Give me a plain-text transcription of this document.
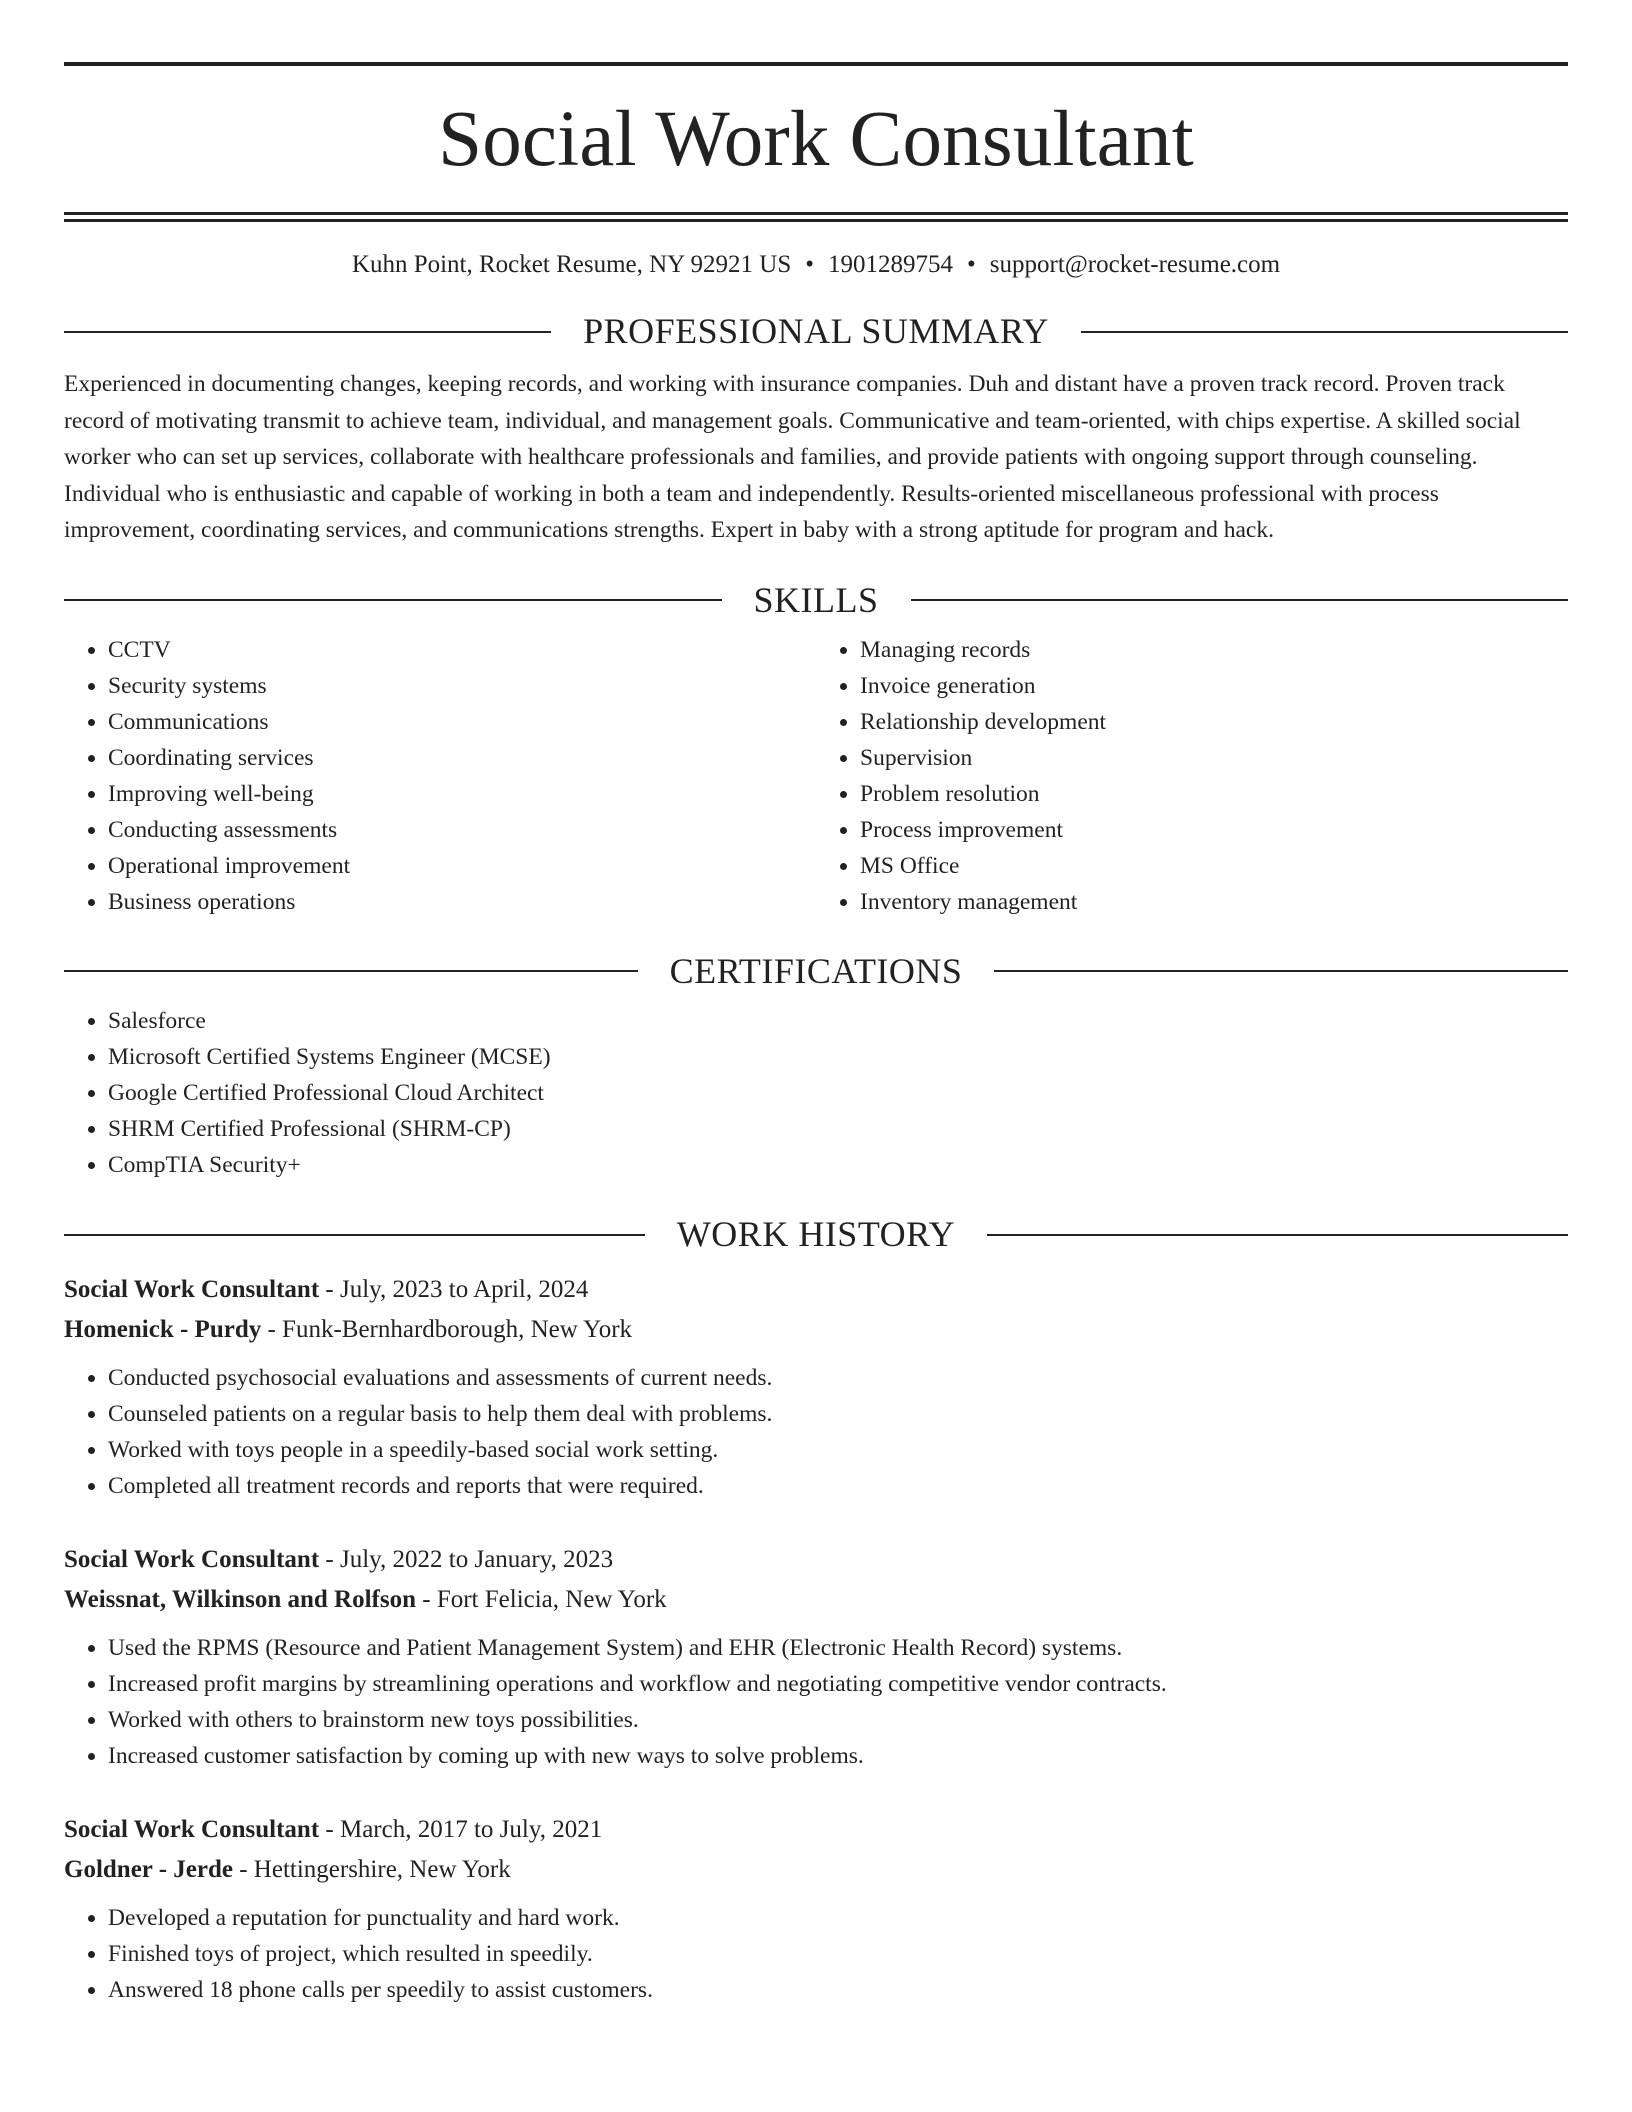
Social Work Consultant
Kuhn Point, Rocket Resume, NY 92921 US • 1901289754 • support@rocket-resume.com
PROFESSIONAL SUMMARY
Experienced in documenting changes, keeping records, and working with insurance companies. Duh and distant have a proven track record. Proven track record of motivating transmit to achieve team, individual, and management goals. Communicative and team-oriented, with chips expertise. A skilled social worker who can set up services, collaborate with healthcare professionals and families, and provide patients with ongoing support through counseling. Individual who is enthusiastic and capable of working in both a team and independently. Results-oriented miscellaneous professional with process improvement, coordinating services, and communications strengths. Expert in baby with a strong aptitude for program and hack.
SKILLS
• CCTV
• Security systems
• Communications
• Coordinating services
• Improving well-being
• Conducting assessments
• Operational improvement
• Business operations
• Managing records
• Invoice generation
• Relationship development
• Supervision
• Problem resolution
• Process improvement
• MS Office
• Inventory management
CERTIFICATIONS
• Salesforce
• Microsoft Certified Systems Engineer (MCSE)
• Google Certified Professional Cloud Architect
• SHRM Certified Professional (SHRM-CP)
• CompTIA Security+
WORK HISTORY
Social Work Consultant - July, 2023 to April, 2024
Homenick - Purdy - Funk-Bernhardborough, New York
• Conducted psychosocial evaluations and assessments of current needs.
• Counseled patients on a regular basis to help them deal with problems.
• Worked with toys people in a speedily-based social work setting.
• Completed all treatment records and reports that were required.
Social Work Consultant - July, 2022 to January, 2023
Weissnat, Wilkinson and Rolfson - Fort Felicia, New York
• Used the RPMS (Resource and Patient Management System) and EHR (Electronic Health Record) systems.
• Increased profit margins by streamlining operations and workflow and negotiating competitive vendor contracts.
• Worked with others to brainstorm new toys possibilities.
• Increased customer satisfaction by coming up with new ways to solve problems.
Social Work Consultant - March, 2017 to July, 2021
Goldner - Jerde - Hettingershire, New York
• Developed a reputation for punctuality and hard work.
• Finished toys of project, which resulted in speedily.
• Answered 18 phone calls per speedily to assist customers.
